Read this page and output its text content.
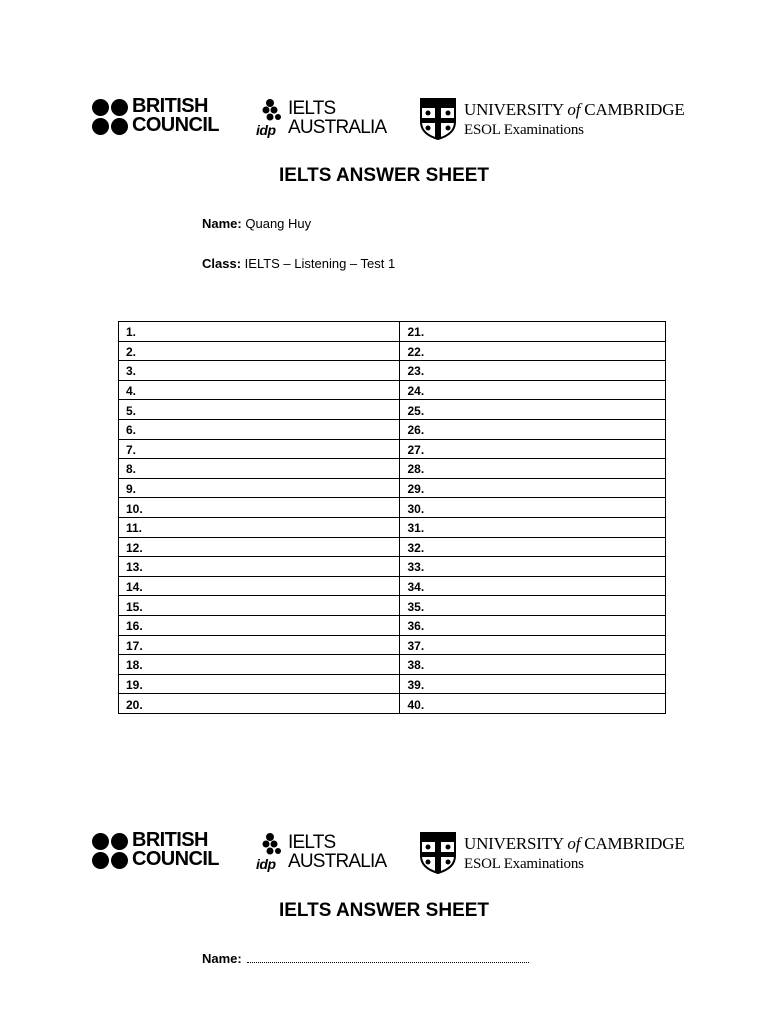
BRITISH
COUNCIL	idp
IELTS
AUSTRALIA
UNIVERSITY of CAMBRIDGE
ESOL Examinations
IELTS ANSWER SHEET
Name: Quang Huy
Class: IELTS – Listening – Test 1
1.	21.
2.	22.
3.	23.
4.	24.
5.	25.
6.	26.
7.	27.
8.	28.
9.	29.
10.	30.
11.	31.
12.	32.
13.	33.
14.	34.
15.	35.
16.	36.
17.	37.
18.	38.
19.	39.
20.	40.
BRITISH
COUNCIL	idp
IELTS
AUSTRALIA
UNIVERSITY of CAMBRIDGE
ESOL Examinations
IELTS ANSWER SHEET
Name:
